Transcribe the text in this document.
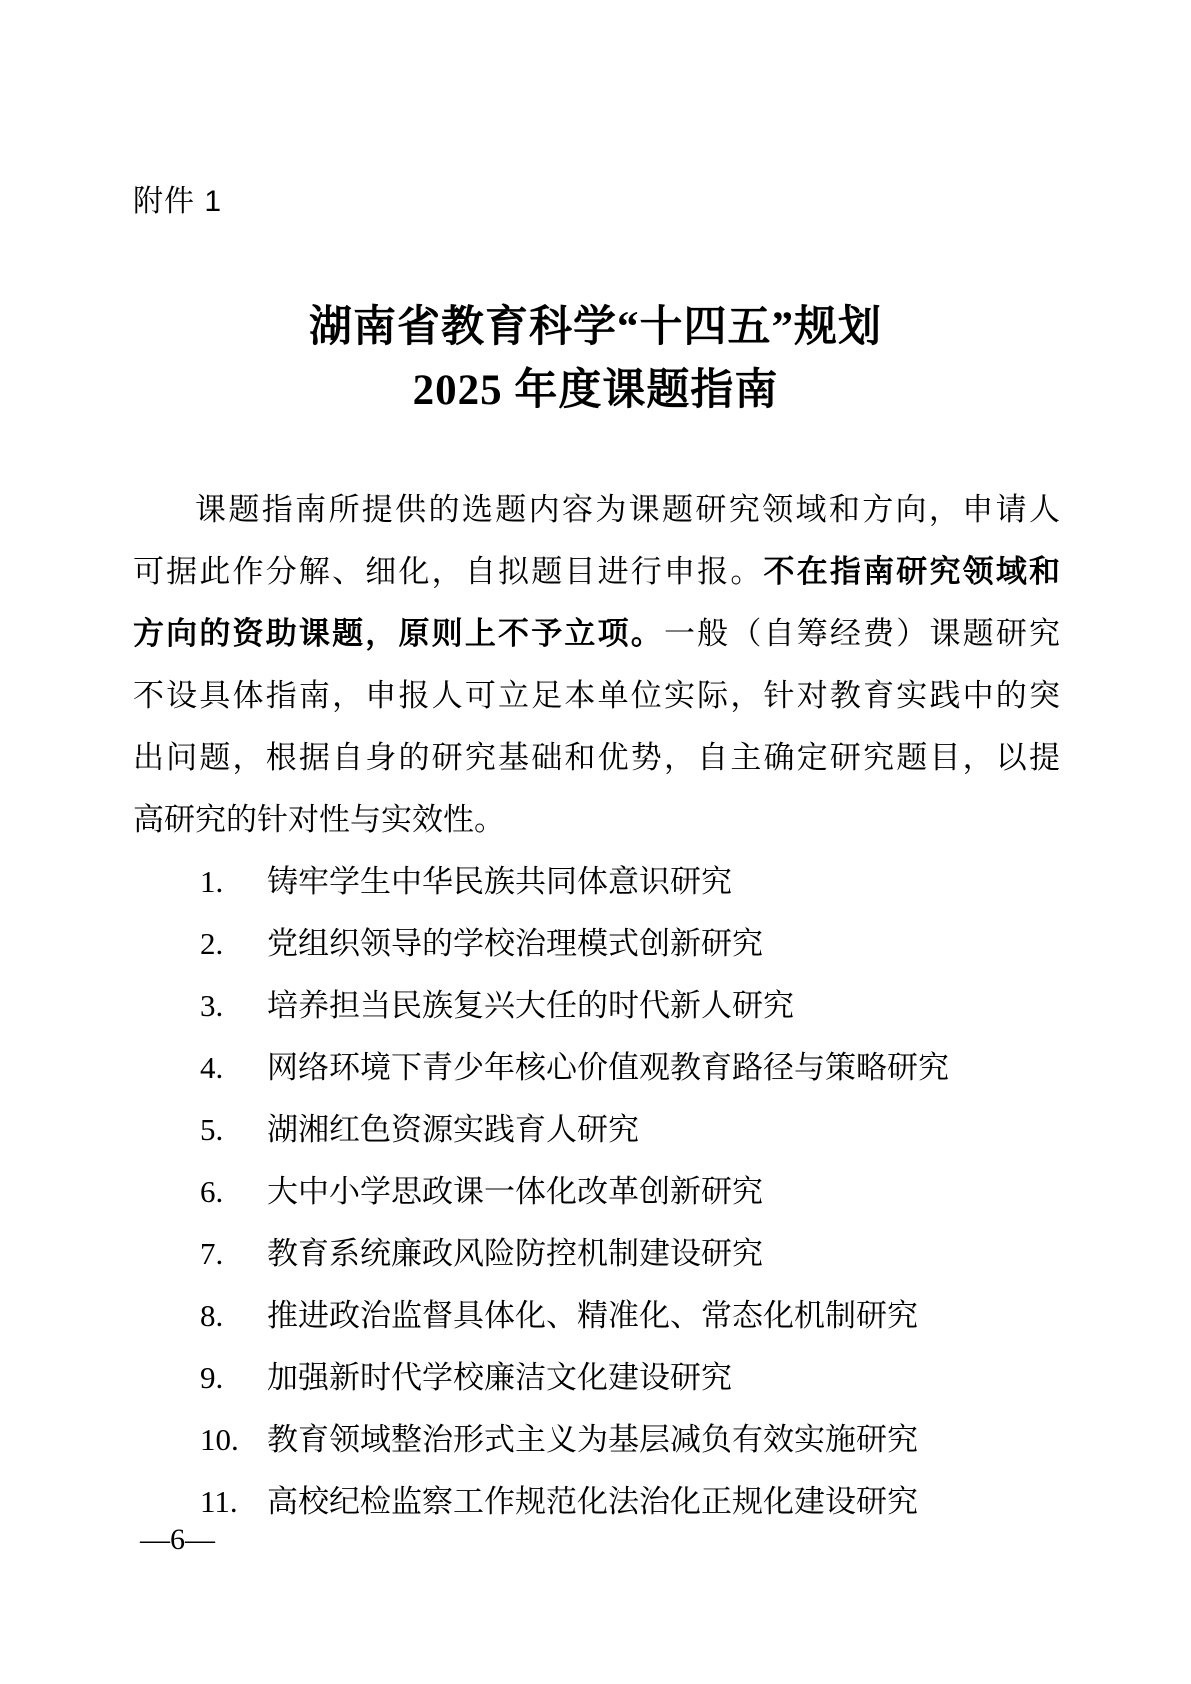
附件 1
湖南省教育科学“十四五”规划
2025 年度课题指南
课题指南所提供的选题内容为课题研究领域和方向，申请人
可据此作分解、细化，自拟题目进行申报。不在指南研究领域和
方向的资助课题，原则上不予立项。一般（自筹经费）课题研究
不设具体指南，申报人可立足本单位实际，针对教育实践中的突
出问题，根据自身的研究基础和优势，自主确定研究题目，以提
高研究的针对性与实效性。
1. 铸牢学生中华民族共同体意识研究
2. 党组织领导的学校治理模式创新研究
3. 培养担当民族复兴大任的时代新人研究
4. 网络环境下青少年核心价值观教育路径与策略研究
5. 湖湘红色资源实践育人研究
6. 大中小学思政课一体化改革创新研究
7. 教育系统廉政风险防控机制建设研究
8. 推进政治监督具体化、精准化、常态化机制研究
9. 加强新时代学校廉洁文化建设研究
10. 教育领域整治形式主义为基层减负有效实施研究
11. 高校纪检监察工作规范化法治化正规化建设研究
—6—
